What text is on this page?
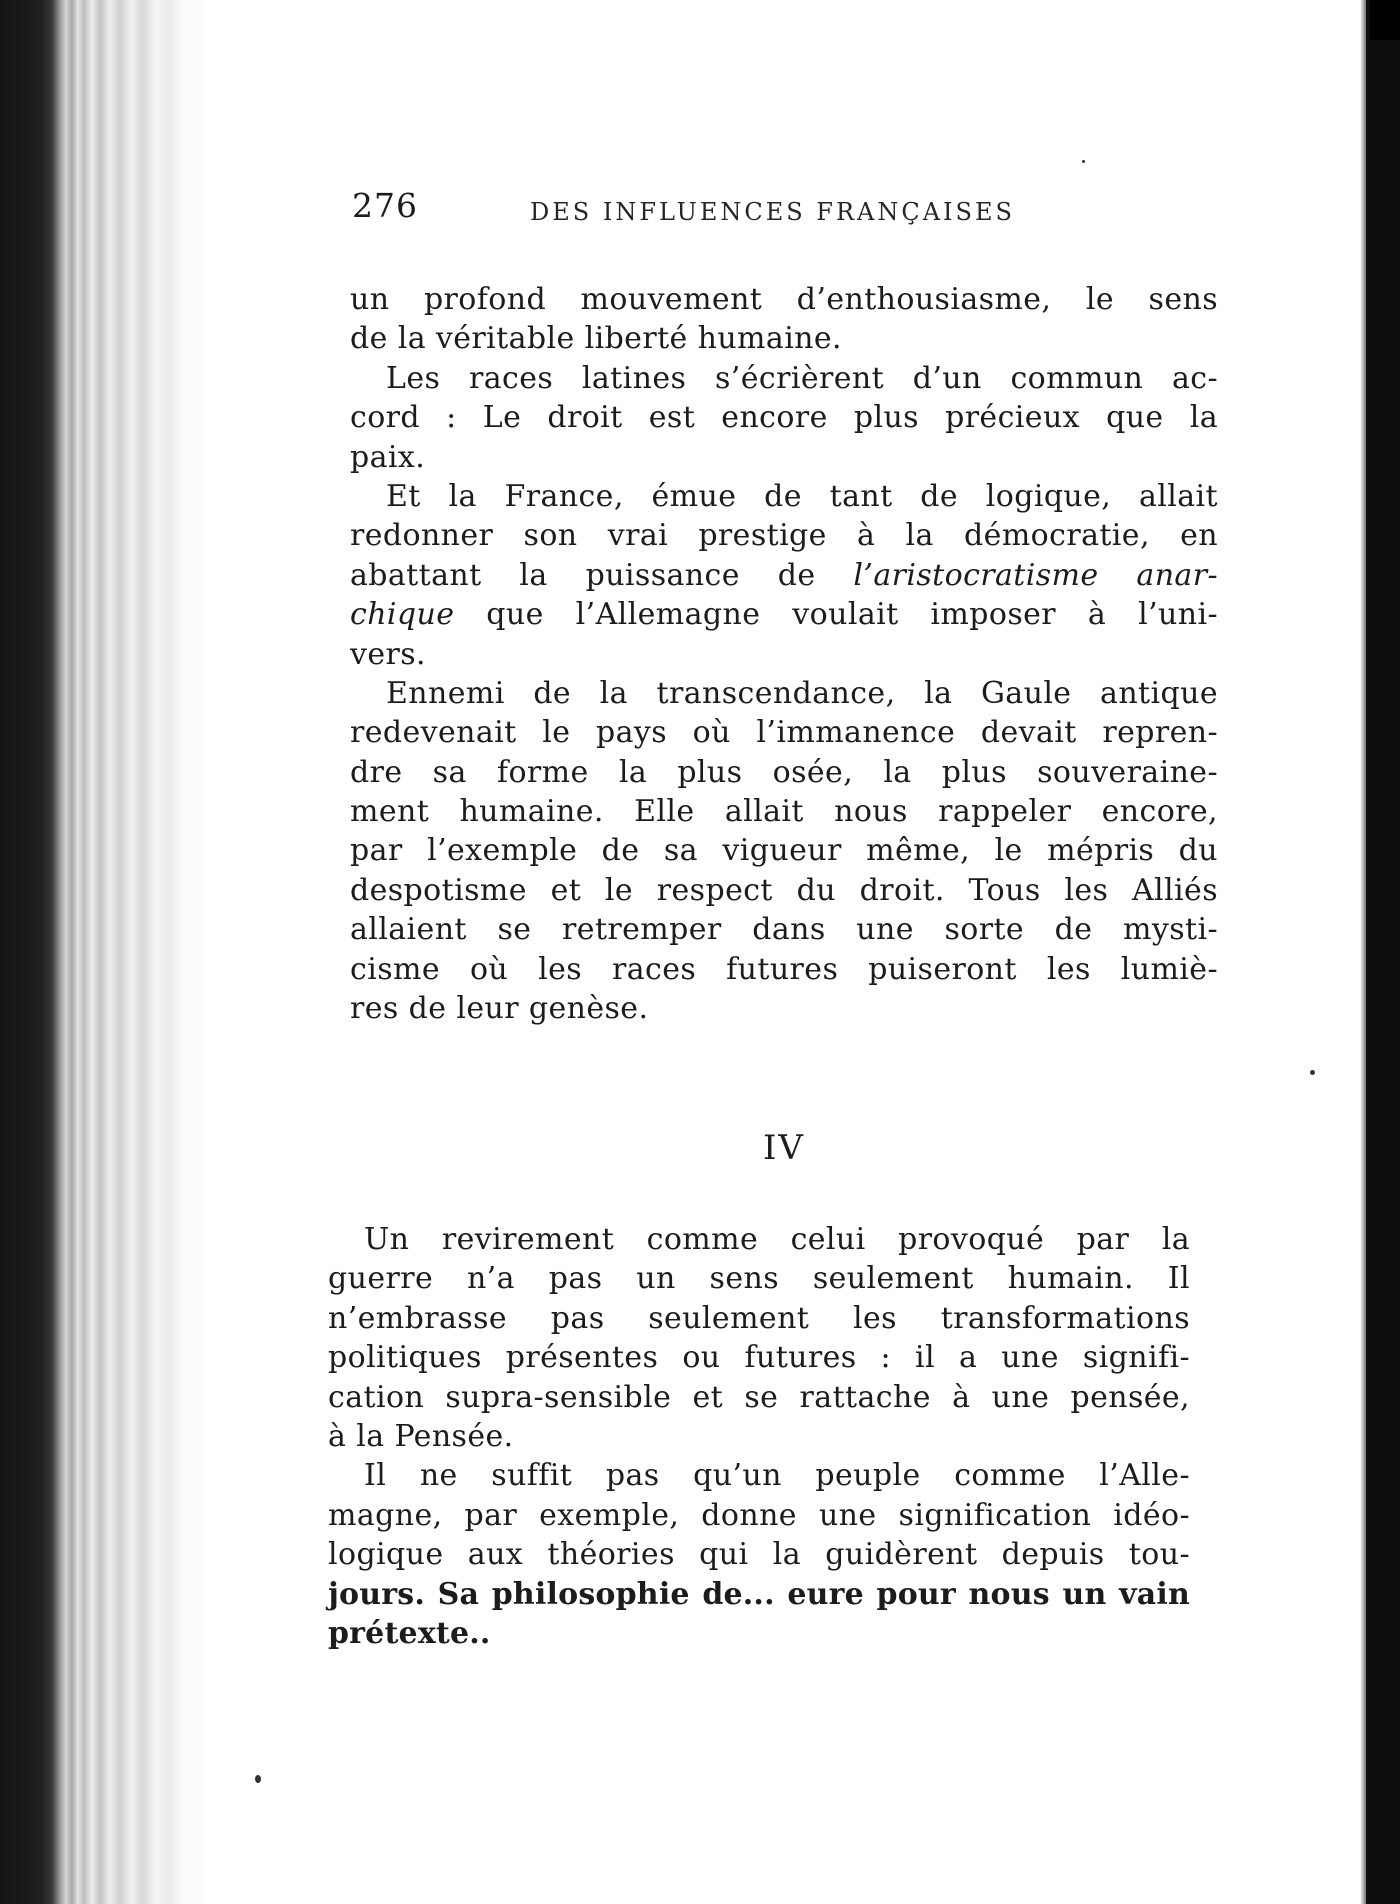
276	DES INFLUENCES FRANÇAISES
un profond mouvement d’enthousiasme, le sens
de la véritable liberté humaine.
Les races latines s’écrièrent d’un commun ac-
cord : Le droit est encore plus précieux que la
paix.
Et la France, émue de tant de logique, allait
redonner son vrai prestige à la démocratie, en
abattant la puissance de l’aristocratisme anar-
chique que l’Allemagne voulait imposer à l’uni-
vers.
Ennemi de la transcendance, la Gaule antique
redevenait le pays où l’immanence devait repren-
dre sa forme la plus osée, la plus souveraine-
ment humaine. Elle allait nous rappeler encore,
par l’exemple de sa vigueur même, le mépris du
despotisme et le respect du droit. Tous les Alliés
allaient se retremper dans une sorte de mysti-
cisme où les races futures puiseront les lumiè-
res de leur genèse.
IV
Un revirement comme celui provoqué par la
guerre n’a pas un sens seulement humain. Il
n’embrasse pas seulement les transformations
politiques présentes ou futures : il a une signifi-
cation supra-sensible et se rattache à une pensée,
à la Pensée.
Il ne suffit pas qu’un peuple comme l’Alle-
magne, par exemple, donne une signification idéo-
logique aux théories qui la guidèrent depuis tou-
jours. Sa philosophie de... eure pour nous un vain
prétexte..
